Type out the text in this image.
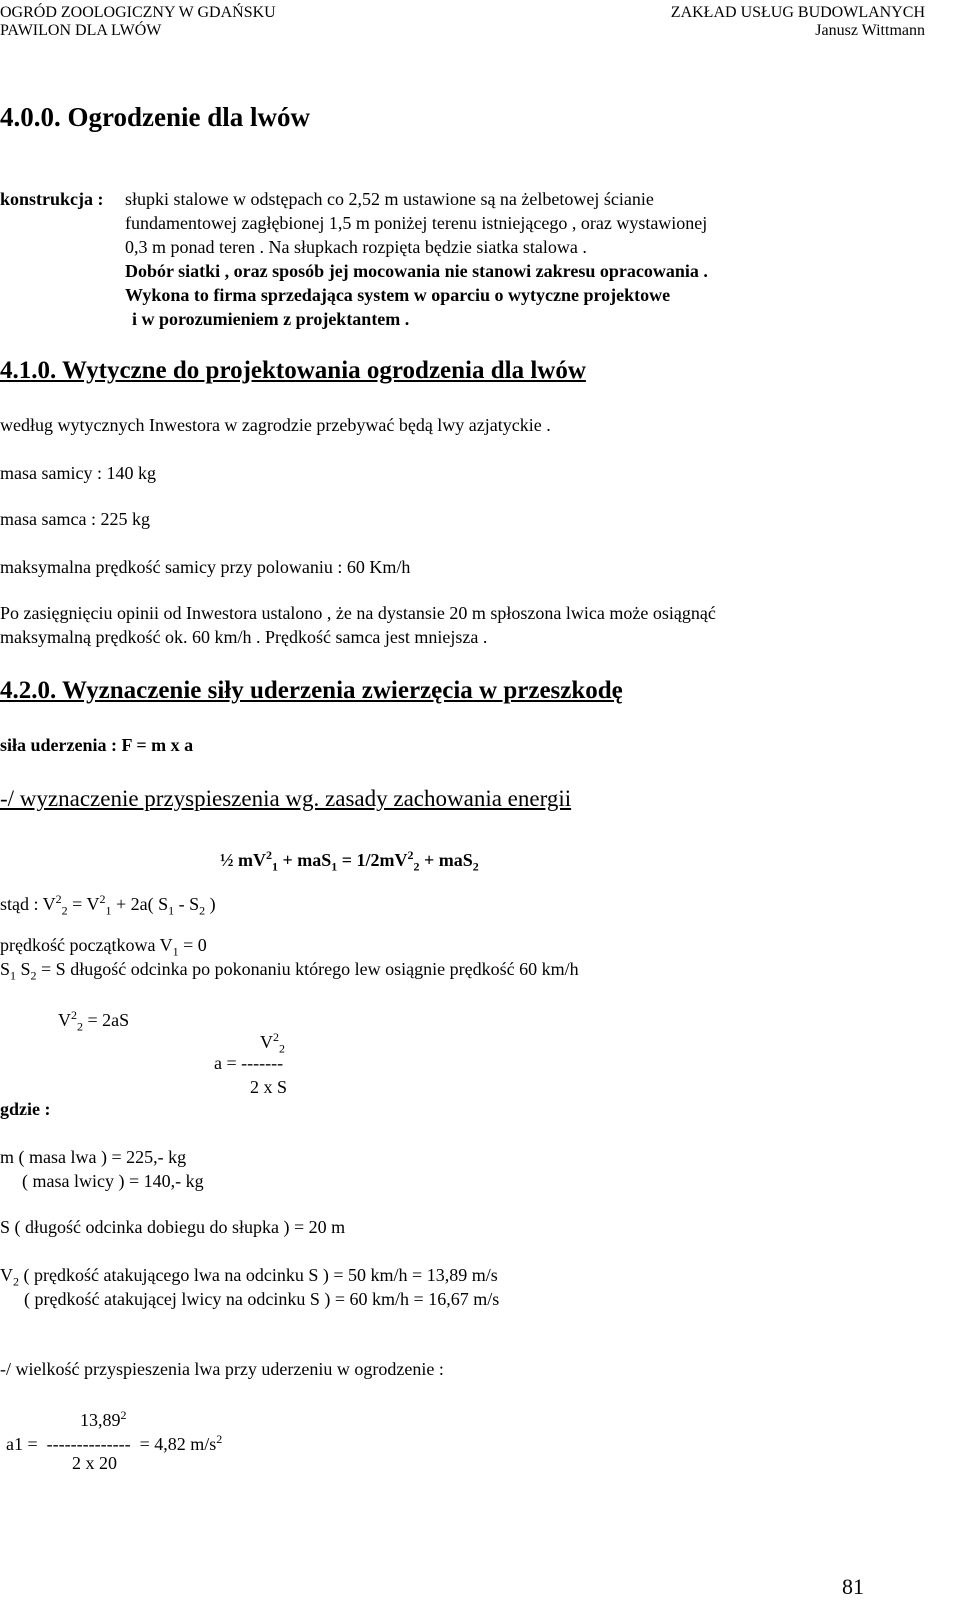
OGRÓD ZOOLOGICZNY W GDAŃSKU
PAWILON DLA LWÓW
ZAKŁAD USŁUG BUDOWLANYCH
Janusz Wittmann
4.0.0. Ogrodzenie dla lwów
konstrukcja : słupki stalowe w odstępach co 2,52 m ustawione są na żelbetowej ścianie
fundamentowej zagłębionej 1,5 m poniżej terenu istniejącego , oraz wystawionej
0,3 m ponad teren . Na słupkach rozpięta będzie siatka stalowa .
Dobór siatki , oraz sposób jej mocowania nie stanowi zakresu opracowania .
Wykona to firma sprzedająca system w oparciu o wytyczne projektowe
i w porozumieniem z projektantem .
4.1.0. Wytyczne do projektowania ogrodzenia dla lwów
według wytycznych Inwestora w zagrodzie przebywać będą lwy azjatyckie .
masa samicy : 140 kg
masa samca : 225 kg
maksymalna prędkość samicy przy polowaniu : 60 Km/h
Po zasięgnięciu opinii od Inwestora ustalono , że na dystansie 20 m spłoszona lwica może osiągnąć
maksymalną prędkość ok. 60 km/h . Prędkość samca jest mniejsza .
4.2.0. Wyznaczenie siły uderzenia zwierzęcia w przeszkodę
siła uderzenia : F = m x a
-/ wyznaczenie przyspieszenia wg. zasady zachowania energii
½ $mV^2_1 + maS_1 = 1/2mV^2_2 + maS_2$
stąd : $V^2_2 = V^2_1 + 2a$( $S_1 - S_2$ )
prędkość początkowa $V_1 = 0$
$S_1$ $S_2 = S$ długość odcinka po pokonaniu którego lew osiągnie prędkość 60 km/h
$V^2_2 = 2aS$
$V^2_2$
a = -------
2 x S
gdzie :
m ( masa lwa ) = 225,- kg
( masa lwicy ) = 140,- kg
S ( długość odcinka dobiegu do słupka ) = 20 m
$V_2$ ( prędkość atakującego lwa na odcinku S ) = 50 km/h = 13,89 m/s
( prędkość atakującej lwicy na odcinku S ) = 60 km/h = 16,67 m/s
-/ wielkość przyspieszenia lwa przy uderzeniu w ogrodzenie :
13,89$^2$
a1 = -------------- = 4,82 $m/s^2$
2 x 20
81
